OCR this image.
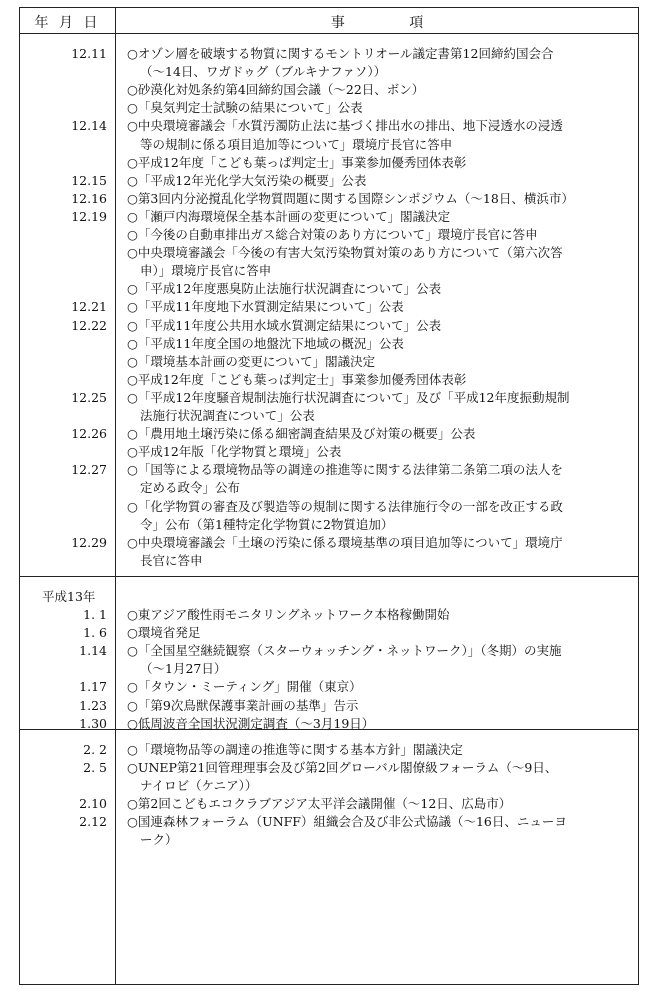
年 月 日	事 項
12.11 ○オゾン層を破壊する物質に関するモントリオール議定書第12回締約国会合
（～14日、ワガドゥグ（ブルキナファソ））
○砂漠化対処条約第4回締約国会議（～22日、ボン）
○「臭気判定士試験の結果について」公表
12.14 ○中央環境審議会「水質汚濁防止法に基づく排出水の排出、地下浸透水の浸透
等の規制に係る項目追加等について」環境庁長官に答申
○平成12年度「こども葉っぱ判定士」事業参加優秀団体表彰
12.15 ○「平成12年光化学大気汚染の概要」公表
12.16 ○第3回内分泌撹乱化学物質問題に関する国際シンポジウム（～18日、横浜市）
12.19 ○「瀬戸内海環境保全基本計画の変更について」閣議決定
○「今後の自動車排出ガス総合対策のあり方について」環境庁長官に答申
○中央環境審議会「今後の有害大気汚染物質対策のあり方について（第六次答
申）」環境庁長官に答申
○「平成12年度悪臭防止法施行状況調査について」公表
12.21 ○「平成11年度地下水質測定結果について」公表
12.22 ○「平成11年度公共用水域水質測定結果について」公表
○「平成11年度全国の地盤沈下地域の概況」公表
○「環境基本計画の変更について」閣議決定
○平成12年度「こども葉っぱ判定士」事業参加優秀団体表彰
12.25 ○「平成12年度騒音規制法施行状況調査について」及び「平成12年度振動規制
法施行状況調査について」公表
12.26 ○「農用地土壌汚染に係る細密調査結果及び対策の概要」公表
○平成12年版「化学物質と環境」公表
12.27 ○「国等による環境物品等の調達の推進等に関する法律第二条第二項の法人を
定める政令」公布
○「化学物質の審査及び製造等の規制に関する法律施行令の一部を改正する政
令」公布（第1種特定化学物質に2物質追加）
12.29 ○中央環境審議会「土壌の汚染に係る環境基準の項目追加等について」環境庁
長官に答申
平成13年
1. 1 ○東アジア酸性雨モニタリングネットワーク本格稼働開始
1. 6 ○環境省発足
1.14 ○「全国星空継続観察（スターウォッチング・ネットワーク）」（冬期）の実施
（～1月27日）
1.17 ○「タウン・ミーティング」開催（東京）
1.23 ○「第9次鳥獣保護事業計画の基準」告示
1.30 ○低周波音全国状況測定調査（～3月19日）
2. 2 ○「環境物品等の調達の推進等に関する基本方針」閣議決定
2. 5 ○UNEP第21回管理理事会及び第2回グローバル閣僚級フォーラム（～9日、
ナイロビ（ケニア））
2.10 ○第2回こどもエコクラブアジア太平洋会議開催（～12日、広島市）
2.12 ○国連森林フォーラム（UNFF）組織会合及び非公式協議（～16日、ニューヨ
ーク）
